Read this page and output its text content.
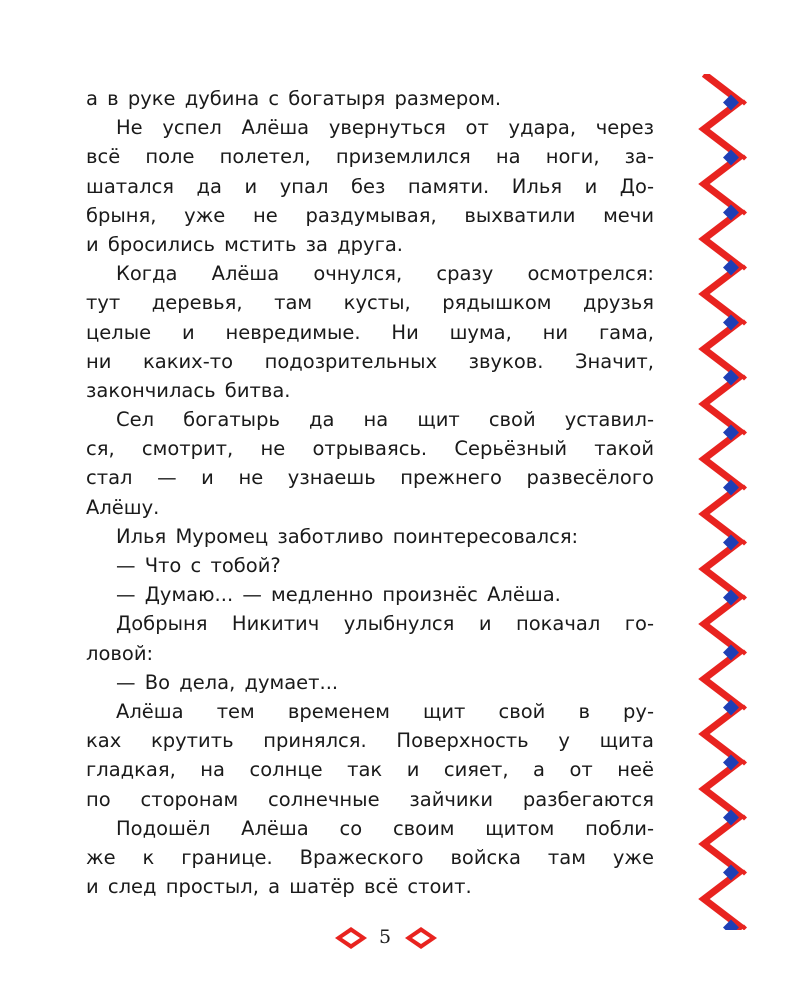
а в руке дубина с богатыря размером.
Не успел Алёша увернуться от удара, через
всё поле полетел, приземлился на ноги, за-
шатался да и упал без памяти. Илья и До-
брыня, уже не раздумывая, выхватили мечи
и бросились мстить за друга.
Когда Алёша очнулся, сразу осмотрелся:
тут деревья, там кусты, рядышком друзья
целые и невредимые. Ни шума, ни гама,
ни каких-то подозрительных звуков. Значит,
закончилась битва.
Сел богатырь да на щит свой уставил-
ся, смотрит, не отрываясь. Серьёзный такой
стал — и не узнаешь прежнего развесёлого
Алёшу.
Илья Муромец заботливо поинтересовался:
— Что с тобой?
— Думаю... — медленно произнёс Алёша.
Добрыня Никитич улыбнулся и покачал го-
ловой:
— Во дела, думает...
Алёша тем временем щит свой в ру-
ках крутить принялся. Поверхность у щита
гладкая, на солнце так и сияет, а от неё
по сторонам солнечные зайчики разбегаются
Подошёл Алёша со своим щитом побли-
же к границе. Вражеского войска там уже
и след простыл, а шатёр всё стоит.
5
